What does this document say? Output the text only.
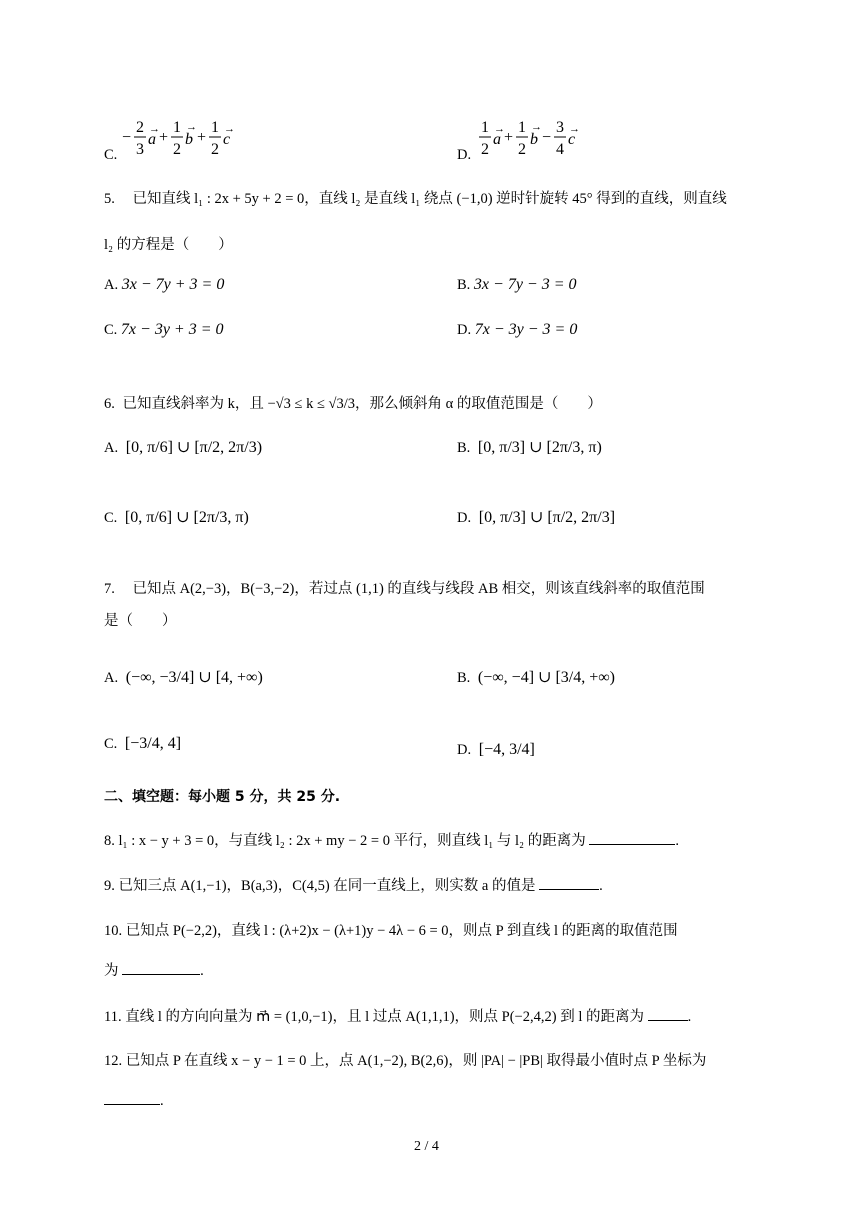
C.
−
2
3
a
→ +
1
2
b
→
+
1
2
c
→
D.
1
2
a
→ +
1
2
b
→
−
3
4
c
→
5. 已知直线 l₁ : 2x + 5y + 2 = 0，直线 l₂ 是直线 l₁ 绕点 (−1,0) 逆时针旋转 45° 得到的直线，则直线
l₂ 的方程是（　　）
A. 3x − 7y + 3 = 0	B. 3x − 7y − 3 = 0
C. 7x − 3y + 3 = 0	D. 7x − 3y − 3 = 0
6. 已知直线斜率为 k，且 −√3 ≤ k ≤ √3/3，那么倾斜角 α 的取值范围是（　　）
A. [0, π/6] ∪ [π/2, 2π/3)	B. [0, π/3] ∪ [2π/3, π)
C. [0, π/6] ∪ [2π/3, π)	D. [0, π/3] ∪ [π/2, 2π/3]
7. 已知点 A(2,−3)，B(−3,−2)，若过点 (1,1) 的直线与线段 AB 相交，则该直线斜率的取值范围
是（　　）
A. (−∞, −3/4] ∪ [4, +∞)	B. (−∞, −4] ∪ [3/4, +∞)
C. [−3/4, 4]	D. [−4, 3/4]
二、填空题：每小题 5 分，共 25 分.
8. l₁ : x − y + 3 = 0，与直线 l₂ : 2x + my − 2 = 0 平行，则直线 l₁ 与 l₂ 的距离为	.
9. 已知三点 A(1,−1)，B(a,3)，C(4,5) 在同一直线上，则实数 a 的值是	.
10. 已知点 P(−2,2)，直线 l : (λ+2)x − (λ+1)y − 4λ − 6 = 0，则点 P 到直线 l 的距离的取值范围
为	.
11. 直线 l 的方向向量为 m⃗ = (1,0,−1)，且 l 过点 A(1,1,1)，则点 P(−2,4,2) 到 l 的距离为	.
12. 已知点 P 在直线 x − y − 1 = 0 上，点 A(1,−2), B(2,6)，则 |PA| − |PB| 取得最小值时点 P 坐标为
.
2 / 4
